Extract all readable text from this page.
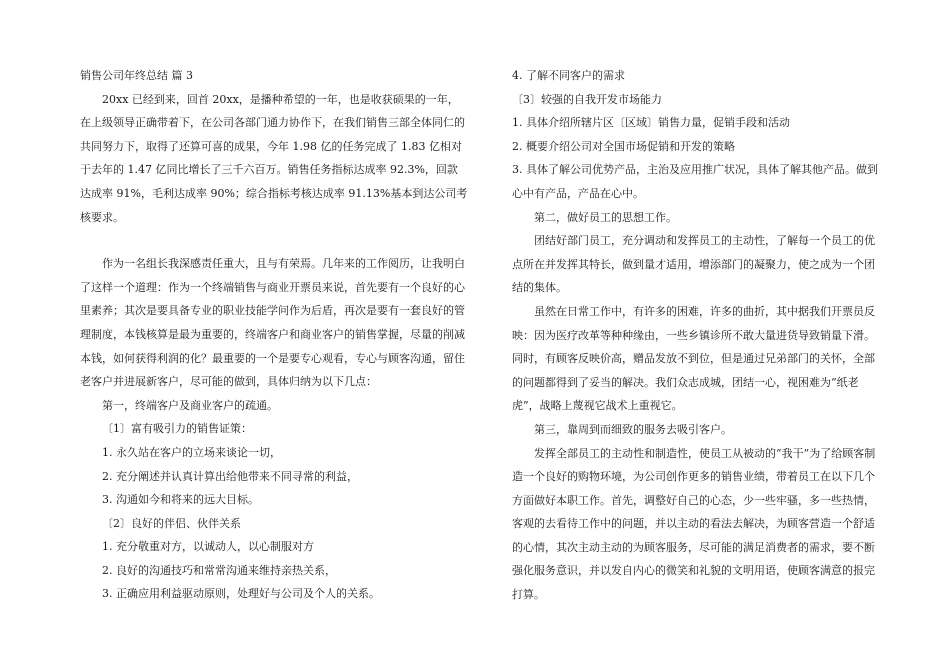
销售公司年终总结 篇 3

20xx 已经到来，回首 20xx，是播种希望的一年，也是收获硕果的一年，在上级领导正确带着下，在公司各部门通力协作下，在我们销售三部全体同仁的共同努力下，取得了还算可喜的成果，今年 1.98 亿的任务完成了 1.83 亿相对于去年的 1.47 亿同比增长了三千六百万。销售任务指标达成率 92.3%，回款达成率 91%，毛利达成率 90%；综合指标考核达成率 91.13%基本到达公司考核要求。

作为一名组长我深感责任重大，且与有荣焉。几年来的工作阅历，让我明白了这样一个道理：作为一个终端销售与商业开票员来说，首先要有一个良好的心里素养；其次是要具备专业的职业技能学问作为后盾，再次是要有一套良好的管理制度，本钱核算是最为重要的，终端客户和商业客户的销售掌握，尽量的削减本钱，如何获得利润的化？最重要的一个是要专心观看，专心与顾客沟通，留住老客户并进展新客户，尽可能的做到，具体归纳为以下几点：

第一，终端客户及商业客户的疏通。

〔1〕富有吸引力的销售证策：

1. 永久站在客户的立场来谈论一切，

2. 充分阐述并认真计算出给他带来不同寻常的利益，

3. 沟通如今和将来的远大目标。

〔2〕良好的伴侣、伙伴关系

1. 充分敬重对方，以诚动人，以心制服对方

2. 良好的沟通技巧和常常沟通来维持亲热关系，

3. 正确应用利益驱动原则，处理好与公司及个人的关系。

4. 了解不同客户的需求

〔3〕较强的自我开发市场能力

1. 具体介绍所辖片区〔区域〕销售力量，促销手段和活动

2. 概要介绍公司对全国市场促销和开发的策略

3. 具体了解公司优势产品，主治及应用推广状况，具体了解其他产品。做到心中有产品，产品在心中。

第二，做好员工的思想工作。

团结好部门员工，充分调动和发挥员工的主动性，了解每一个员工的优点所在并发挥其特长，做到量才适用，增添部门的凝聚力，使之成为一个团结的集体。

虽然在日常工作中，有许多的困难，许多的曲折，其中据我们开票员反映：因为医疗改革等种种缘由，一些乡镇诊所不敢大量进货导致销量下滑。同时，有顾客反映价高，赠品发放不到位，但是通过兄弟部门的关怀，全部的问题都得到了妥当的解决。我们众志成城，团结一心，视困难为“纸老虎”，战略上蔑视它战术上重视它。

第三，靠周到而细致的服务去吸引客户。

发挥全部员工的主动性和制造性，使员工从被动的“我干”为了给顾客制造一个良好的购物环境，为公司创作更多的销售业绩，带着员工在以下几个方面做好本职工作。首先，调整好自己的心态，少一些牢骚，多一些热情，客观的去看待工作中的问题，并以主动的看法去解决，为顾客营造一个舒适的心情，其次主动主动的为顾客服务，尽可能的满足消费者的需求，要不断强化服务意识，并以发自内心的微笑和礼貌的文明用语，使顾客满意的报完打算。
